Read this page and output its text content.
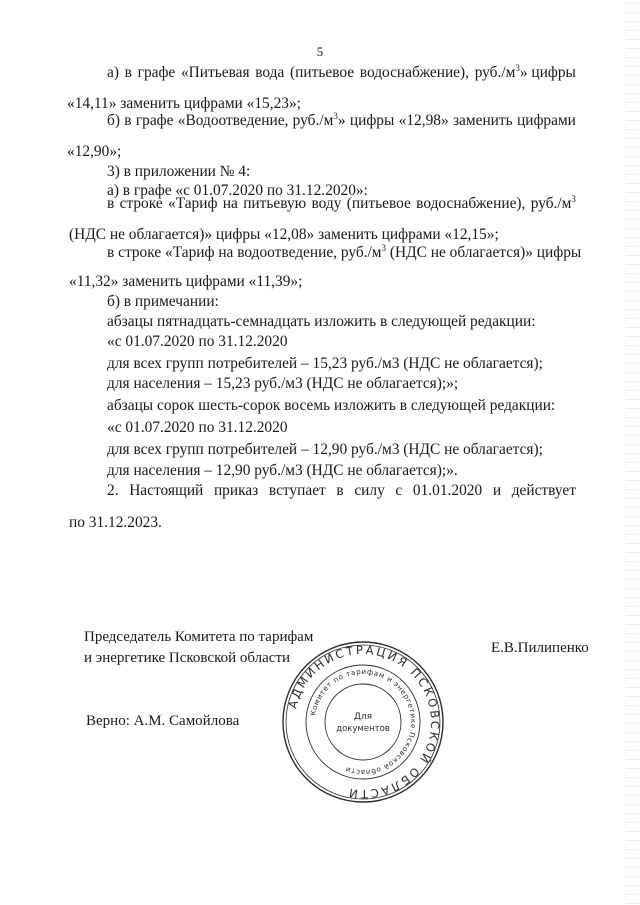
5
а) в графе «Питьевая вода (питьевое водоснабжение), $руб./м^3$» цифры
«14,11» заменить цифрами «15,23»;
б) в графе «Водоотведение, $руб./м^3$» цифры «12,98» заменить цифрами
«12,90»;
3) в приложении № 4:
а) в графе «с 01.07.2020 по 31.12.2020»:
в строке «Тариф на питьевую воду (питьевое водоснабжение), $руб./м^3$
(НДС не облагается)» цифры «12,08» заменить цифрами «12,15»;
в строке «Тариф на водоотведение, $руб./м^3$ (НДС не облагается)» цифры
«11,32» заменить цифрами «11,39»;
б) в примечании:
абзацы пятнадцать-семнадцать изложить в следующей редакции:
«с 01.07.2020 по 31.12.2020
для всех групп потребителей – 15,23 руб./м3 (НДС не облагается);
для населения – 15,23 руб./м3 (НДС не облагается);»;
абзацы сорок шесть-сорок восемь изложить в следующей редакции:
«с 01.07.2020 по 31.12.2020
для всех групп потребителей – 12,90 руб./м3 (НДС не облагается);
для населения – 12,90 руб./м3 (НДС не облагается);».
2. Настоящий приказ вступает в силу с 01.01.2020 и действует
по 31.12.2023.
Председатель Комитета по тарифам
и энергетике Псковской области
Е.В.Пилипенко
Верно: А.М. Самойлова
АДМИНИСТРАЦИЯ ПСКОВСКОЙ ОБЛАСТИ
Комитет по тарифам и энергетике Псковской области
Для
документов
